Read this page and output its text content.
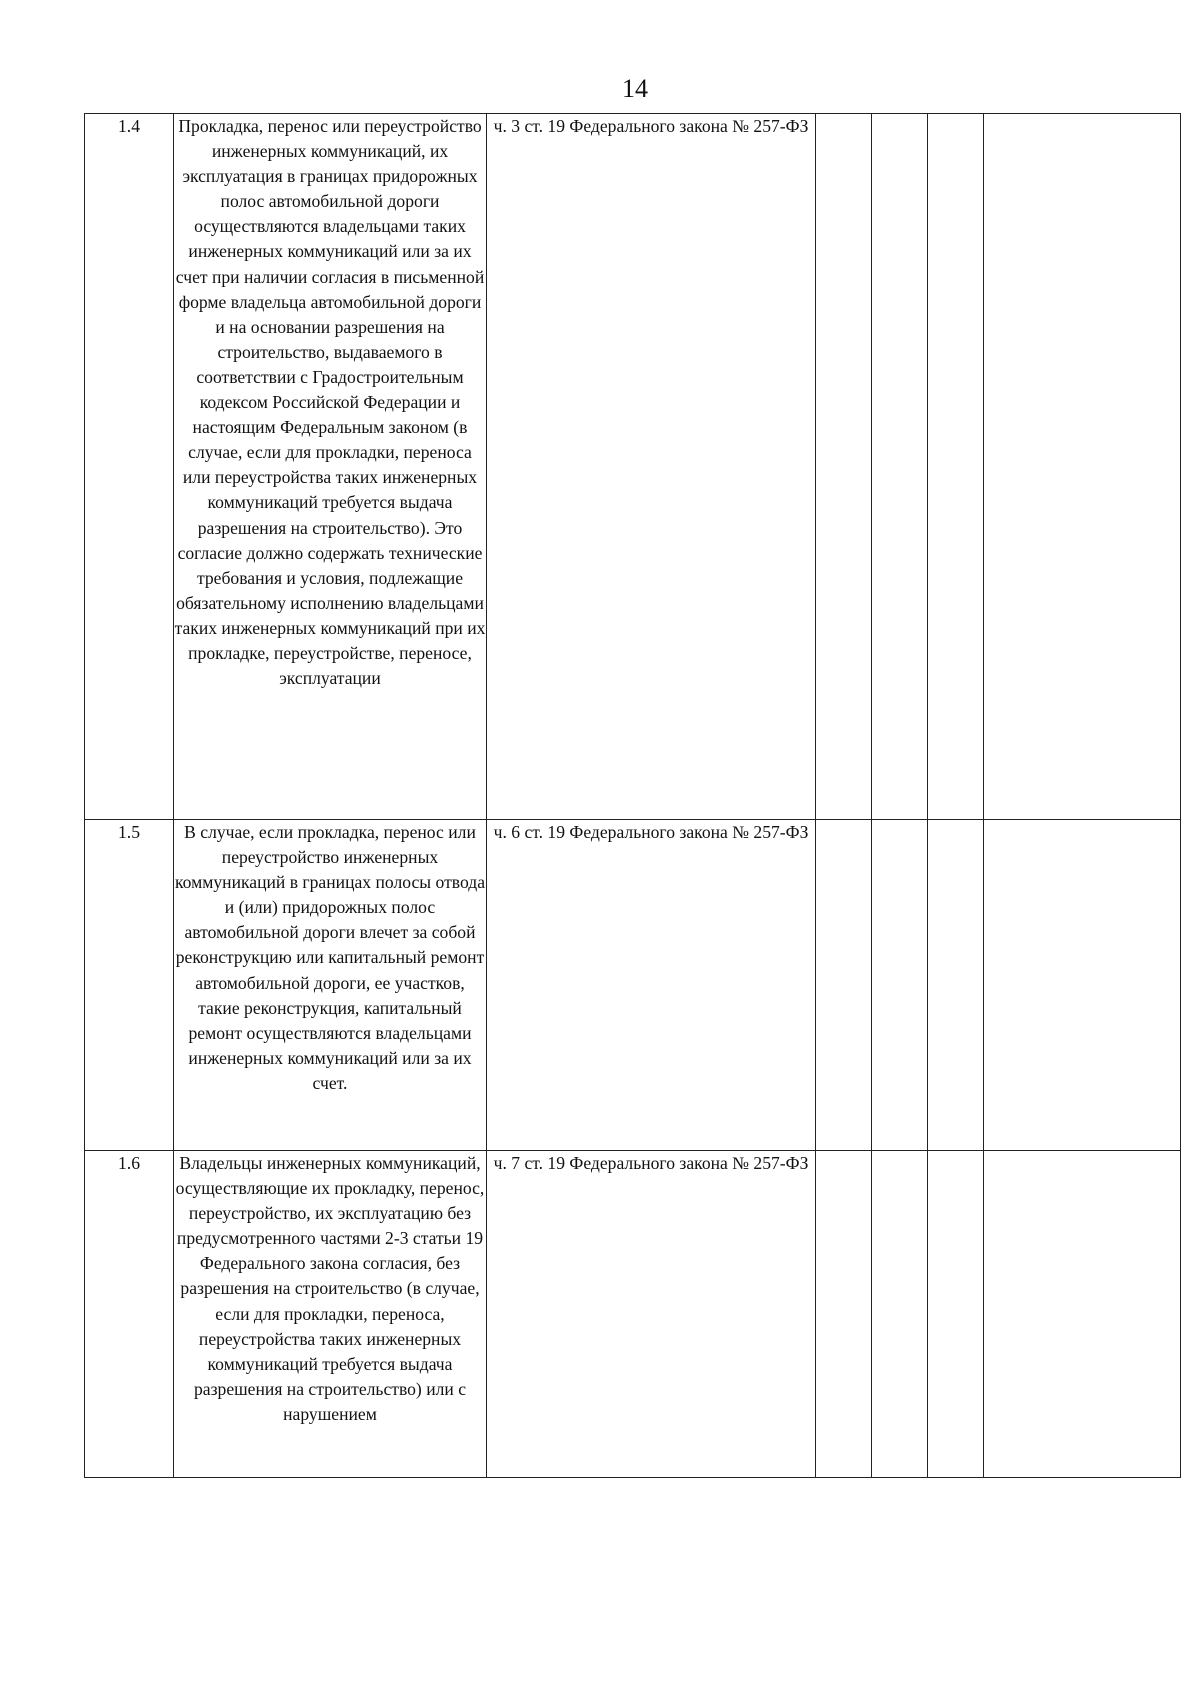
14
1.4	Прокладка, перенос или переустройство инженерных коммуникаций, их эксплуатация в границах придорожных полос автомобильной дороги осуществляются владельцами таких инженерных коммуникаций или за их счет при наличии согласия в письменной форме владельца автомобильной дороги и на основании разрешения на строительство, выдаваемого в соответствии с Градостроительным кодексом Российской Федерации и настоящим Федеральным законом (в случае, если для прокладки, переноса или переустройства таких инженерных коммуникаций требуется выдача разрешения на строительство). Это согласие должно содержать технические требования и условия, подлежащие обязательному исполнению владельцами таких инженерных коммуникаций при их прокладке, переустройстве, переносе, эксплуатации	ч. 3 ст. 19 Федерального закона № 257-ФЗ				
1.5	В случае, если прокладка, перенос или переустройство инженерных коммуникаций в границах полосы отвода и (или) придорожных полос автомобильной дороги влечет за собой реконструкцию или капитальный ремонт автомобильной дороги, ее участков, такие реконструкция, капитальный ремонт осуществляются владельцами инженерных коммуникаций или за их счет.	ч. 6 ст. 19 Федерального закона № 257-ФЗ				
1.6	Владельцы инженерных коммуникаций, осуществляющие их прокладку, перенос, переустройство, их эксплуатацию без предусмотренного частями 2-3 статьи 19 Федерального закона согласия, без разрешения на строительство (в случае, если для прокладки, переноса, переустройства таких инженерных коммуникаций требуется выдача разрешения на строительство) или с нарушением	ч. 7 ст. 19 Федерального закона № 257-ФЗ				
